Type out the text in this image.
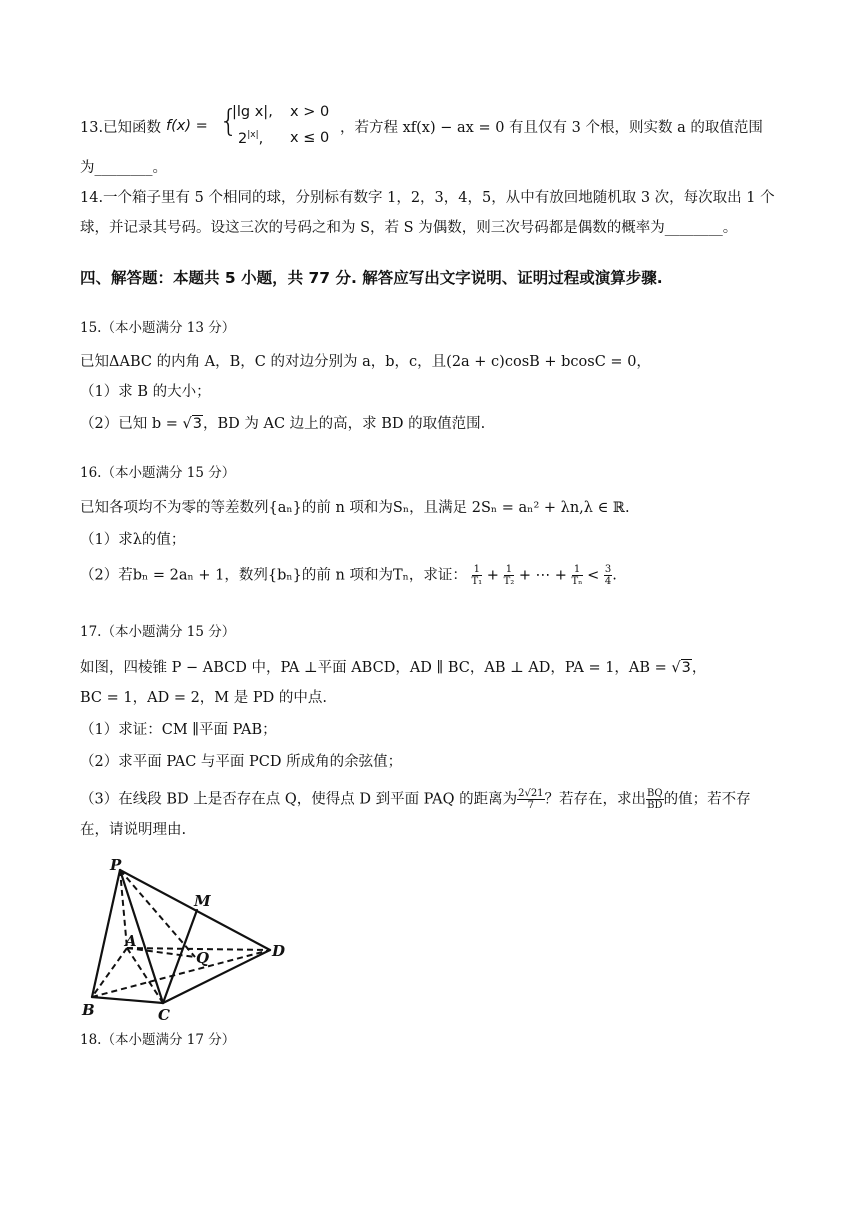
13.已知函数 f(x) = {
|lg x|, x > 0
$2^{|x|}$, x ≤ 0
，若方程 xf(x) − ax = 0 有且仅有 3 个根，则实数 a 的取值范围
为________。
14.一个箱子里有 5 个相同的球，分别标有数字 1，2，3，4，5，从中有放回地随机取 3 次，每次取出 1 个
球，并记录其号码。设这三次的号码之和为 S，若 S 为偶数，则三次号码都是偶数的概率为________。
四、解答题：本题共 5 小题，共 77 分. 解答应写出文字说明、证明过程或演算步骤.
15.（本小题满分 13 分）
已知ΔABC 的内角 A，B，C 的对边分别为 a，b，c，且(2a + c)cosB + bcosC = 0，
（1）求 B 的大小；
（2）已知 b = √3，BD 为 AC 边上的高，求 BD 的取值范围.
16.（本小题满分 15 分）
已知各项均不为零的等差数列{aₙ}的前 n 项和为Sₙ，且满足 2Sₙ = aₙ² + λn,λ ∈ ℝ.
（1）求λ的值；
（2）若bₙ = 2aₙ + 1，数列{bₙ}的前 n 项和为Tₙ，求证： $\frac{1}{\text{T₁}} + \frac{1}{\text{T₂}}$ + ⋯ + $\frac{1}{\text{Tₙ}} < \frac{3}{4}$ .
17.（本小题满分 15 分）
如图，四棱锥 P − ABCD 中，PA ⊥平面 ABCD，AD ∥ BC，AB ⊥ AD，PA = 1，AB = √3，
BC = 1，AD = 2，M 是 PD 的中点.
（1）求证：CM ∥平面 PAB；
（2）求平面 PAC 与平面 PCD 所成角的余弦值；
（3）在线段 BD 上是否存在点 Q，使得点 D 到平面 PAQ 的距离为 $\frac{2√21}{7}$ ？若存在，求出 $\frac{BQ}{BD}$ 的值；若不存
在，请说明理由.
P
M
A
Q	D
B	C
18.（本小题满分 17 分）
